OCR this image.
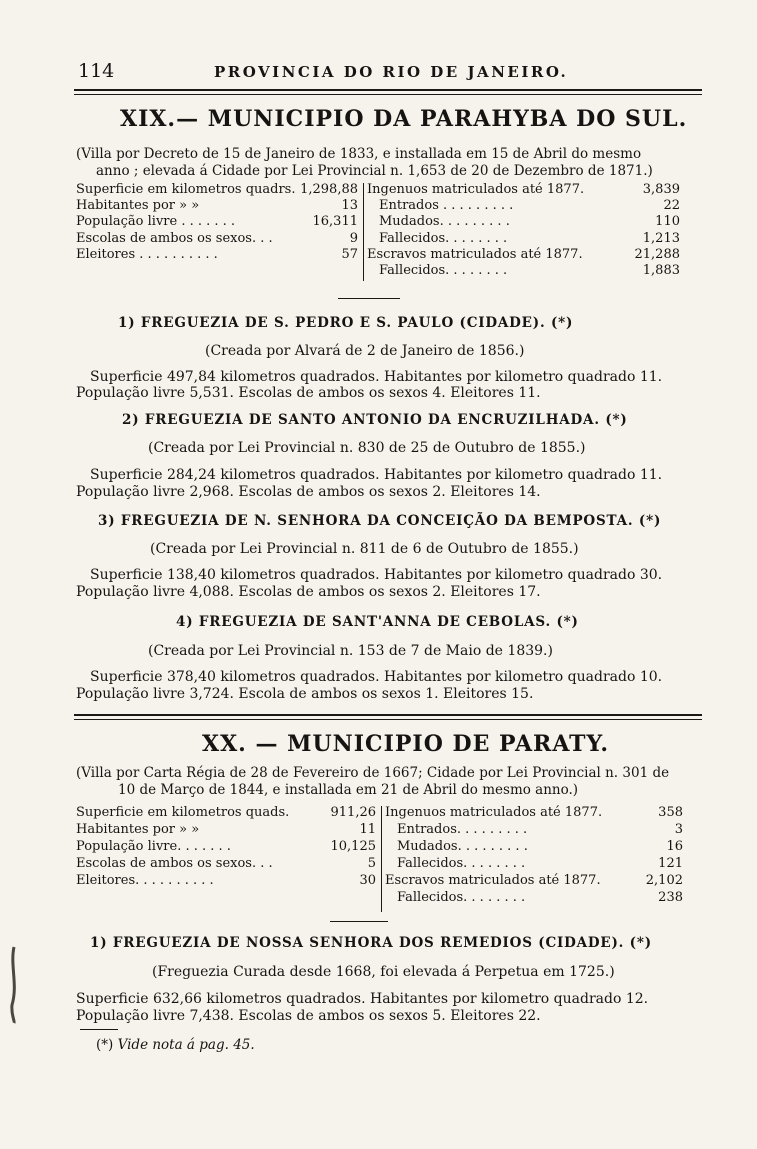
114	PROVINCIA DO RIO DE JANEIRO.
XIX.— MUNICIPIO DA PARAHYBA DO SUL.
(Villa por Decreto de 15 de Janeiro de 1833, e installada em 15 de Abril do mesmo
anno ; elevada á Cidade por Lei Provincial n. 1,653 de 20 de Dezembro de 1871.)
Superficie em kilometros quadrs. 1,298,88
Habitantes por » »	13
População livre . . . . . . .	16,311
Escolas de ambos os sexos. . .	9
Eleitores . . . . . . . . . .	57
Ingenuos matriculados até 1877.	3,839
Entrados . . . . . . . . .	22
Mudados. . . . . . . . .	110
Fallecidos. . . . . . . .	1,213
Escravos matriculados até 1877.	21,288
Fallecidos. . . . . . . .	1,883
1) FREGUEZIA DE S. PEDRO E S. PAULO (CIDADE). (*)
(Creada por Alvará de 2 de Janeiro de 1856.)
Superficie 497,84 kilometros quadrados. Habitantes por kilometro quadrado 11.
População livre 5,531. Escolas de ambos os sexos 4. Eleitores 11.
2) FREGUEZIA DE SANTO ANTONIO DA ENCRUZILHADA. (*)
(Creada por Lei Provincial n. 830 de 25 de Outubro de 1855.)
Superficie 284,24 kilometros quadrados. Habitantes por kilometro quadrado 11.
População livre 2,968. Escolas de ambos os sexos 2. Eleitores 14.
3) FREGUEZIA DE N. SENHORA DA CONCEIÇÃO DA BEMPOSTA. (*)
(Creada por Lei Provincial n. 811 de 6 de Outubro de 1855.)
Superficie 138,40 kilometros quadrados. Habitantes por kilometro quadrado 30.
População livre 4,088. Escolas de ambos os sexos 2. Eleitores 17.
4) FREGUEZIA DE SANT'ANNA DE CEBOLAS. (*)
(Creada por Lei Provincial n. 153 de 7 de Maio de 1839.)
Superficie 378,40 kilometros quadrados. Habitantes por kilometro quadrado 10.
População livre 3,724. Escola de ambos os sexos 1. Eleitores 15.
XX. — MUNICIPIO DE PARATY.
(Villa por Carta Régia de 28 de Fevereiro de 1667; Cidade por Lei Provincial n. 301 de
10 de Março de 1844, e installada em 21 de Abril do mesmo anno.)
Superficie em kilometros quads.	911,26
Habitantes por » »	11
População livre. . . . . . .	10,125
Escolas de ambos os sexos. . .	5
Eleitores. . . . . . . . . .	30
Ingenuos matriculados até 1877.	358
Entrados. . . . . . . . .	3
Mudados. . . . . . . . .	16
Fallecidos. . . . . . . .	121
Escravos matriculados até 1877.	2,102
Fallecidos. . . . . . . .	238
1) FREGUEZIA DE NOSSA SENHORA DOS REMEDIOS (CIDADE). (*)
(Freguezia Curada desde 1668, foi elevada á Perpetua em 1725.)
Superficie 632,66 kilometros quadrados. Habitantes por kilometro quadrado 12.
População livre 7,438. Escolas de ambos os sexos 5. Eleitores 22.
(*) Vide nota á pag. 45.
